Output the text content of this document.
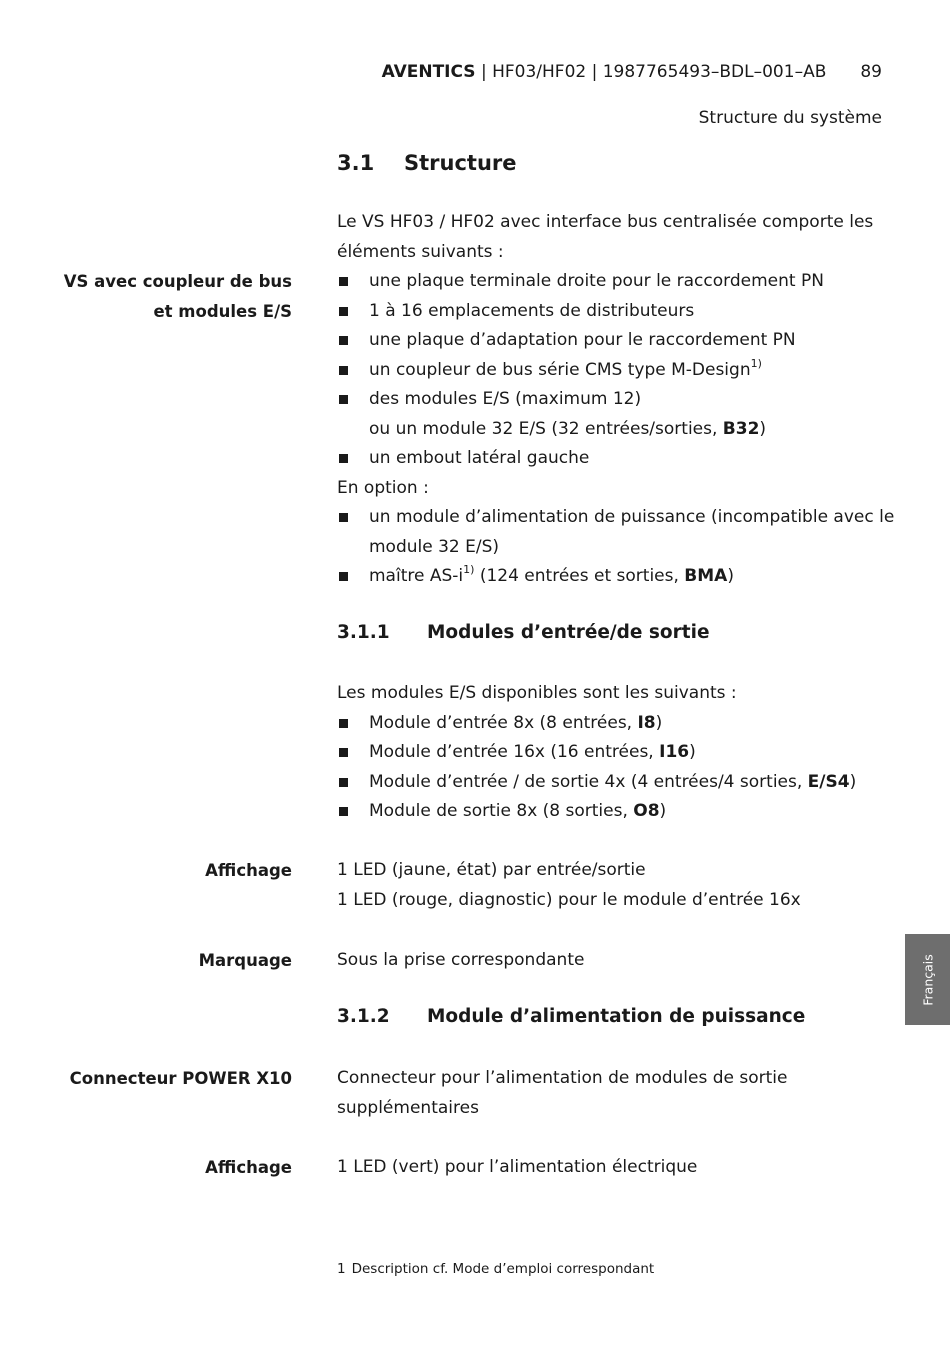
AVENTICS | HF03/HF02 | 1987765493–BDL–001–AB 89
Structure du système
3.1 Structure
Le VS HF03 / HF02 avec interface bus centralisée comporte les éléments suivants :
VS avec coupleur de bus
et modules E/S
une plaque terminale droite pour le raccordement PN
1 à 16 emplacements de distributeurs
une plaque d’adaptation pour le raccordement PN
un coupleur de bus série CMS type M-Design$^{1)}$
des modules E/S (maximum 12)
ou un module 32 E/S (32 entrées/sorties, B32)
un embout latéral gauche

En option :

un module d’alimentation de puissance (incompatible avec le module 32 E/S)
maître $AS-i^{1)}$ (124 entrées et sorties, BMA)
3.1.1 Modules d’entrée/de sortie

Les modules E/S disponibles sont les suivants :

Module d’entrée 8x (8 entrées, I8)
Module d’entrée 16x (16 entrées, I16)
Module d’entrée / de sortie 4x (4 entrées/4 sorties, E/S4)
Module de sortie 8x (8 sorties, O8)
Affichage	1 LED (jaune, état) par entrée/sortie
1 LED (rouge, diagnostic) pour le module d’entrée 16x
Marquage	Sous la prise correspondante
3.1.2 Module d’alimentation de puissance
Connecteur POWER X10	Connecteur pour l’alimentation de modules de sortie supplémentaires
Affichage	1 LED (vert) pour l’alimentation électrique
1 Description cf. Mode d’emploi correspondant
Français
